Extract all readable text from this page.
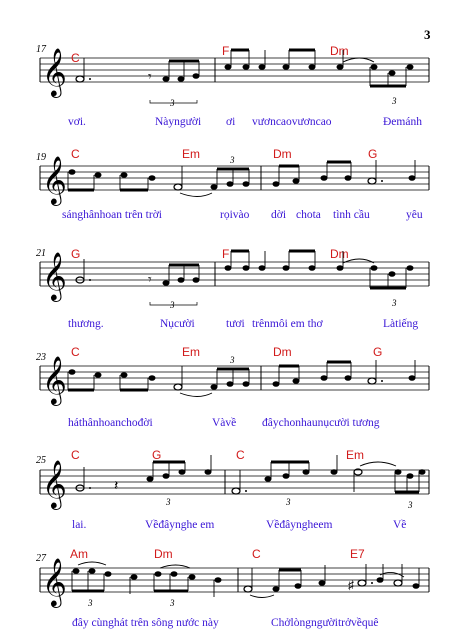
3
𝄞
17
C	F	Dm
𝄾
3	3
vơi.	Nàyngười ơi vươncaovươncao	Đemánh
𝄞
19 C	Em	Dm	G
3
sánghânhoan trên trời	rọivào dời chota tình cầu	yêu
𝄞
21 G	F	Dm
𝄾
3	3
thương.	Nụcười	tươi trênmôi em thơ	Làtiếng
𝄞
23 C	Em	Dm	G
3
háthânhoanchođời	Vàvề đâychonhaunụcười tương
𝄞
25 C	G	C	Em
𝄽
3	3	3
lai.	Vềđâynghe em	Vềđâyngheem	Về
𝄞
27 Am	Dm	C	E7
♯
3	3
đây cùnghát trên sông nước này	Chởlòngngườitrởvềquê
